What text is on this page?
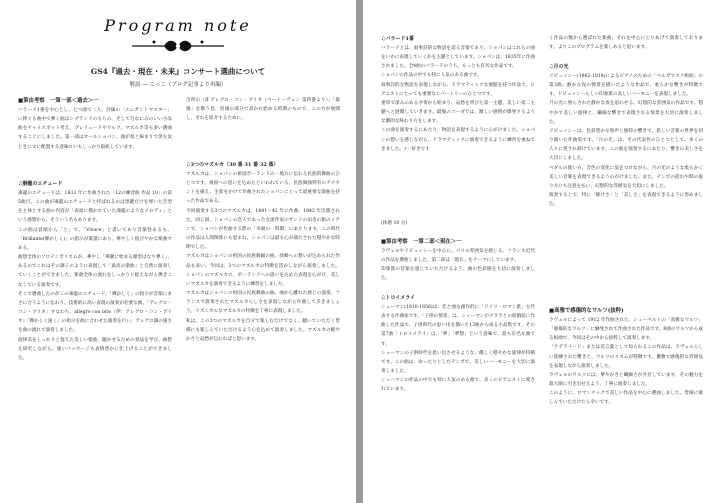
Program note
GS4『過去・現在・未来』コンサート選曲について
解説 ― こっこ（ブログ記事より再編）
■第由考察　一第一部＜過去＞一

バラード1番を中心とし、七つ曲で〈人」評価の「エレガントマスター」に捧ぐる曲中で弾く曲はシプランドのもちの、そして行なにみのいい小品曲をチャイスポット考え、プレリュードやワルツ、マズルカ等も多い選曲することにしました。第一部はオールショパン。曲が奏と線まりで余を気ときに文に配置する意味ロいもしっかり取組しています。

♫胴龍のエチュード

凍龍のエチュードは、1833 年に作曲された「12の練習曲 作品 10」の第5曲目。この曲が凍龍のエチュードと呼ばれるのは黒鍵だけを弾いた音型を主体とする曲の内容が「表面に描かれていた凍龍のようなメロディ」という感想から、そういう名もあります。

この曲は冒頭から「と」で、「Vivace」と書いてあり音楽性あるも、「Brillante(輝かしく)」の指示が楽譜にあり、華やしく煌びやかな楽曲である。

曲想全体のソロテンポリズムが、華やし「華麗に始まる顔型はなり弾く」、あるのでこれはその調子のように表現して「最高の楽曲」と自然に演奏していくことができました、楽曲全体の流れをしっかりと捉えながら弾きこなしている演奏です。

そこで選曲したのがこの凍龍のエチュード。「輝かしく」の指示が音楽にまさに合うように伝わり、技術的に高い表現の演奏が必要な曲、「アレグロ・コン・ブリオ」すなわち、allegro con brio（伊：アレグロ・コン・ブリオ）「輝かしく速く」の指示を曲に合わせた演奏を行い、アレグロ調の速さを曲の流れで演奏しました。

旋律美をしっかりと捉えた美しい楽曲。聴かせるための奏法を学び、曲想を研究しながら、速いパッセージも表情豊かに仕上げることができました。

出所の（II アレグロ・コン・ブリオ（ベートーヴェン 第四番より）」「最後」を歌う旨、冒頭の部分で書かれ始める時期のもので、この方が展開し、それを紹介するために、

♫3つのマズルカ（30 番 31 番 32 番）

マズルカは、ショパンの祖国ポーランドの一地方に伝わる民族的舞曲のひとつです。祖国への思いを込めたといわれている。民族舞曲特有のアクセントを備え、生涯をかけて作曲されたショパンにとって最重要な楽曲を持った作品である。

今回演奏する3つのマズルカは、1841〜42 年に作曲、1842 年出版された。同じ頃、ショパンの恋人であった女流作家のサンドの田舎の館のノアンで、ショパンが作曲する際の「幸福の一時期」にあたります。この時代の作品は人間関係にも恵まれ、ショパンは最も心が満たされた穏やかな時期でした。

マズルカはショパンの祖国の民族舞踊の曲。故郷への想いが込められた作品も多い。今回は、3つのマズルカの特徴を活かしながら演奏しました。ショパンのマズルカの、ポーランドへの思いを込めた表現を心がけ、美しいマズルカを演奏できるように練習をしました。

マズルカはショパンの祖国の民族舞曲の曲。曲から離れた感じの演奏、フランスで演奏されたマズルカらしさを表現しながら作曲して歩きましょう。リズミカルなマズルカの特徴を丁寧に表現しました。

私は、この3つのマズルカを自分で楽しむだけでなく、聴いていただく皆様にも楽しんでいただけるよう心を込めて演奏しました。マズルカの軽やかさと哀愁が伝わればと思います。

♫バラード1番

バラードとは、叙事詩的な物語を語る音楽であり、ショパンはこれらの曲をいかに表現していくかを主題としています。ショパンは、1835年に作曲されました。全4曲のバラードのうち、もっとも有名な作品です。

ショパンの作品の中でも特に人気のある曲です。

叙事詩的な物語を表現しながら、ドラマティックな展開を持つ作品で、ピアニストにとっても重要なレパートリーのひとつです。

重厚で深みのある序奏から始まり、哀愁を帯びた第一主題、美しい第二主題へと展開していきます。最後のコーダでは、激しい感情が爆発するような劇的な終わり方をします。

この曲を演奏するにあたり、物語を表現するように心がけました。ショパンの想いを感じながら、ドラマティックに演奏できるように練習を重ねてきました。♪一好きです

(休憩 10 分)
■第由考察　一第二部＜現在＞一

ラヴェルやドビュッシーを中心に、パリの雰囲気を感じる、フランス近代の作品を選曲しました。第二部は「現在」をテーマにしています。

印象派の音楽を感じていただけるよう、曲の色彩感を大切に演奏しました。

♫トロイメライ

シューマン(1810-1856)は、恋と曲を創作的に「ドイツ・ロマン派」を代表する作曲家です。「子供の情景」は、シューマンがクララとの結婚前に作曲した作品で、子供時代の思い出を描いた13曲から成る小品集です。その第7曲「トロイメライ」は、「夢」「夢想」という意味で、最も有名な曲です。

シューマンの子供時代を思い出させるような、優しく穏やかな旋律が特徴です。この曲は、ゆったりとしたテンポで、美しいハーモニーを大切に演奏しました。

シューマンの作品の中でも特に人気のある曲で、多くのピアニストに愛されています。

く作品の数から選ばれた楽曲、それを中心にとりあげて演奏しております。よりこのプログラムを楽しめると思います。

♫月の光

ドビュッシー(1862-1918)によるピアノのための「ベルガマスク組曲」の第3曲。静かな夜の情景を描いたような作品で、柔らかな響きが特徴です。ドビュッシーらしい印象派の美しいハーモニーを表現しました。

月の光に照らされた静かな夜を思わせる、幻想的な雰囲気の作品です。穏やかで美しい旋律と、繊細な響きで表現される情景を大切に演奏しました。

ドビュッシーは、色彩豊かな和声と独特の響きで、新しい音楽の世界を切り開いた作曲家です。「月の光」は、その代表作のひとつとして、多くの人々に愛され続けています。この曲を演奏するにあたり、響きの美しさを大切にしました。

ペダルの使い方、音色の変化に気をつけながら、月の光のような柔らかく美しい音楽を表現できるよう心がけました。また、テンポの揺れや間の取り方にも注意を払い、幻想的な雰囲気を大切にしました。

演奏する上で、特に「静けさ」と「美しさ」を表現できるように努めました。

■高雅で感傷的なワルツ(抜粋)

ラヴェルによって 1912 年作曲された、シューベルトの「高雅なワルツ」「感傷的なワルツ」に触発されて作曲された作品です。8曲のワルツから成る組曲で、今回はその中から抜粋して演奏します。

「アデライード」または花言葉として知られるこの作品は、ラヴェルらしい洗練された響きと、ワルツのリズムが特徴です。優雅で感傷的な雰囲気を表現しながら演奏しました。

ラヴェルのワルツには、華やかさと繊細さが共存しています。その魅力を最大限に引き出せるよう、丁寧に演奏しました。

このように、ロマンチックで美しい作品を中心に選曲しました。皆様に楽しんでいただけたら幸いです。
